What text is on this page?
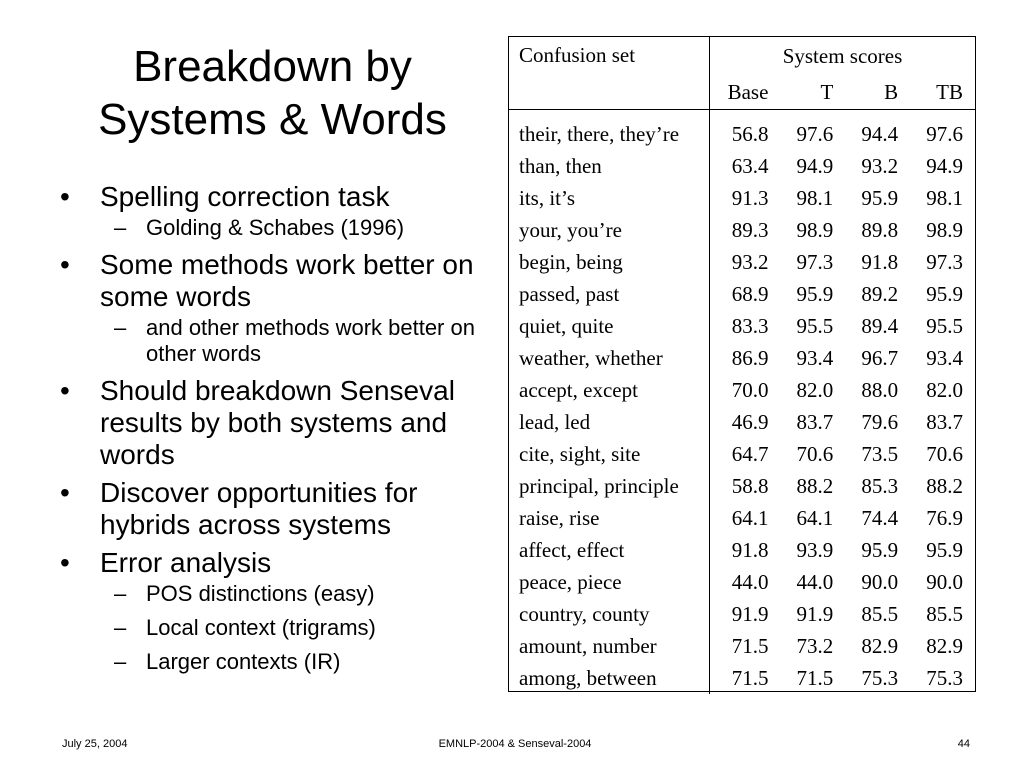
Breakdown by
Systems & Words
• Spelling correction task
– Golding & Schabes (1996)
• Some methods work better on some words
– and other methods work better on other words
• Should breakdown Senseval results by both systems and words
• Discover opportunities for hybrids across systems
• Error analysis
– POS distinctions (easy)
– Local context (trigrams)
– Larger contexts (IR)
Confusion set	System scores			
	Base	T	B	TB

their, there, they’re	56.8	97.6	94.4	97.6
than, then	63.4	94.9	93.2	94.9
its, it’s	91.3	98.1	95.9	98.1
your, you’re	89.3	98.9	89.8	98.9
begin, being	93.2	97.3	91.8	97.3
passed, past	68.9	95.9	89.2	95.9
quiet, quite	83.3	95.5	89.4	95.5
weather, whether	86.9	93.4	96.7	93.4
accept, except	70.0	82.0	88.0	82.0
lead, led	46.9	83.7	79.6	83.7
cite, sight, site	64.7	70.6	73.5	70.6
principal, principle	58.8	88.2	85.3	88.2
raise, rise	64.1	64.1	74.4	76.9
affect, effect	91.8	93.9	95.9	95.9
peace, piece	44.0	44.0	90.0	90.0
country, county	91.9	91.9	85.5	85.5
amount, number	71.5	73.2	82.9	82.9
among, between	71.5	71.5	75.3	75.3
July 25, 2004	EMNLP-2004 & Senseval-2004	44
